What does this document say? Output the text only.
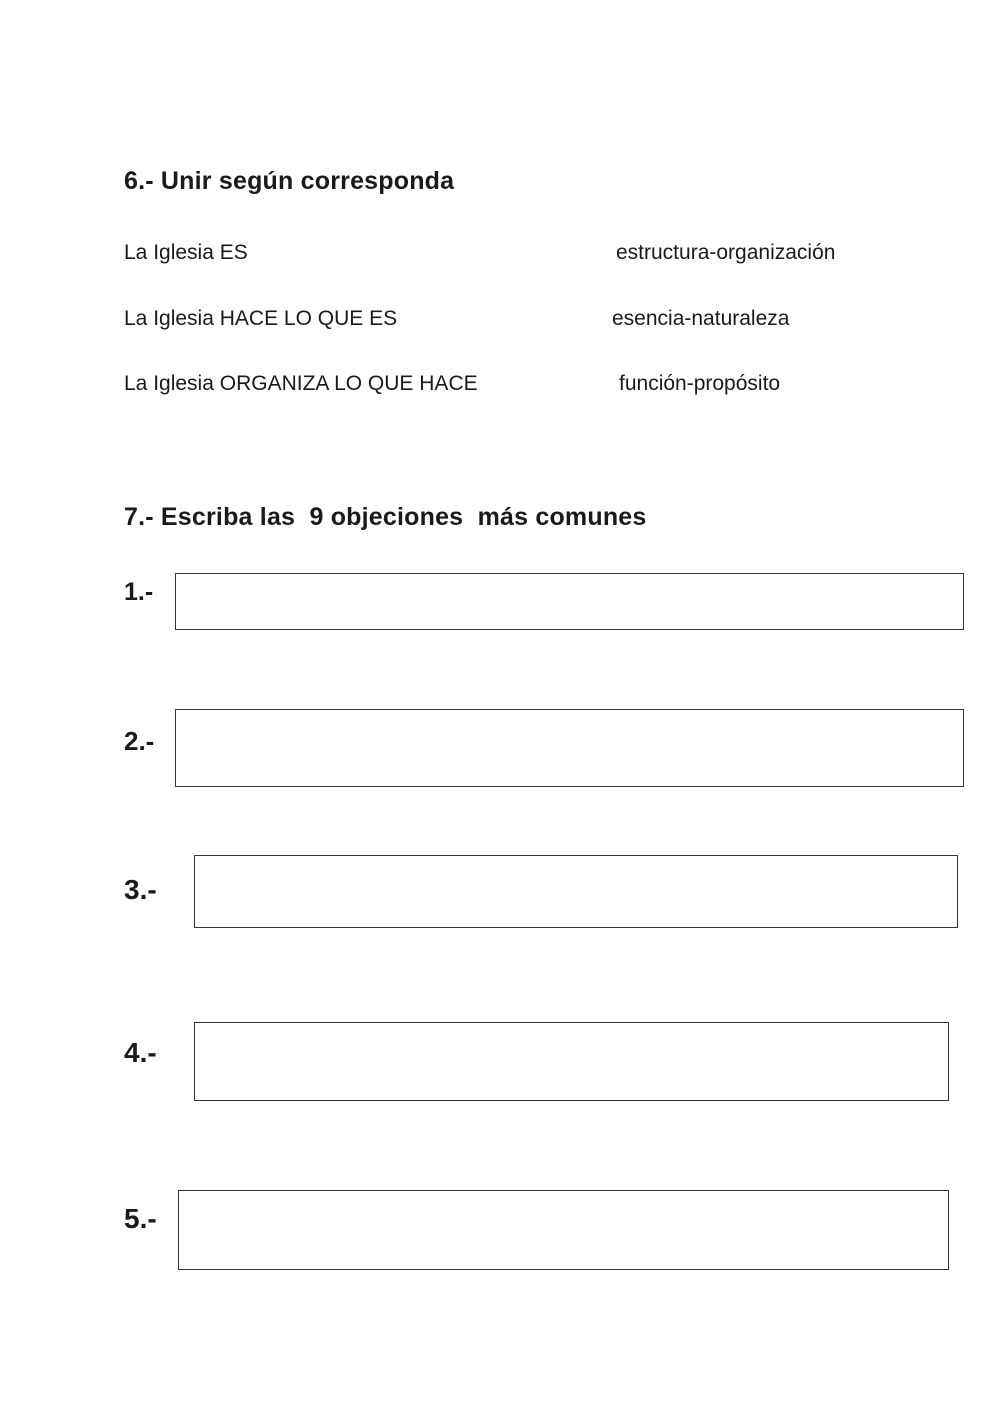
6.- Unir según corresponda
La Iglesia ES	estructura-organización
La Iglesia HACE LO QUE ES	esencia-naturaleza
La Iglesia ORGANIZA LO QUE HACE	función-propósito
7.- Escriba las  9 objeciones  más comunes
1.-
2.-
3.-
4.-
5.-
